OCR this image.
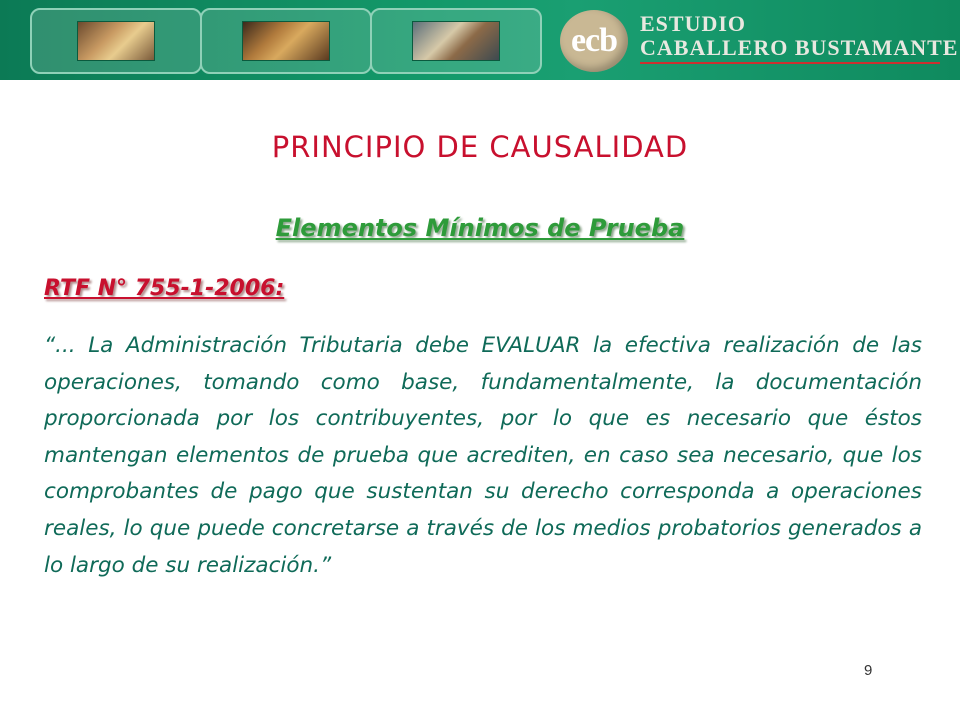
ecb ESTUDIO
CABALLERO BUSTAMANTE
PRINCIPIO DE CAUSALIDAD
Elementos Mínimos de Prueba
RTF N° 755-1-2006:

“... La Administración Tributaria debe EVALUAR la efectiva realización de las operaciones, tomando como base, fundamentalmente, la documentación proporcionada por los contribuyentes, por lo que es necesario que éstos mantengan elementos de prueba que acrediten, en caso sea necesario, que los comprobantes de pago que sustentan su derecho corresponda a operaciones reales, lo que puede concretarse a través de los medios probatorios generados a lo largo de su realización.”

9
